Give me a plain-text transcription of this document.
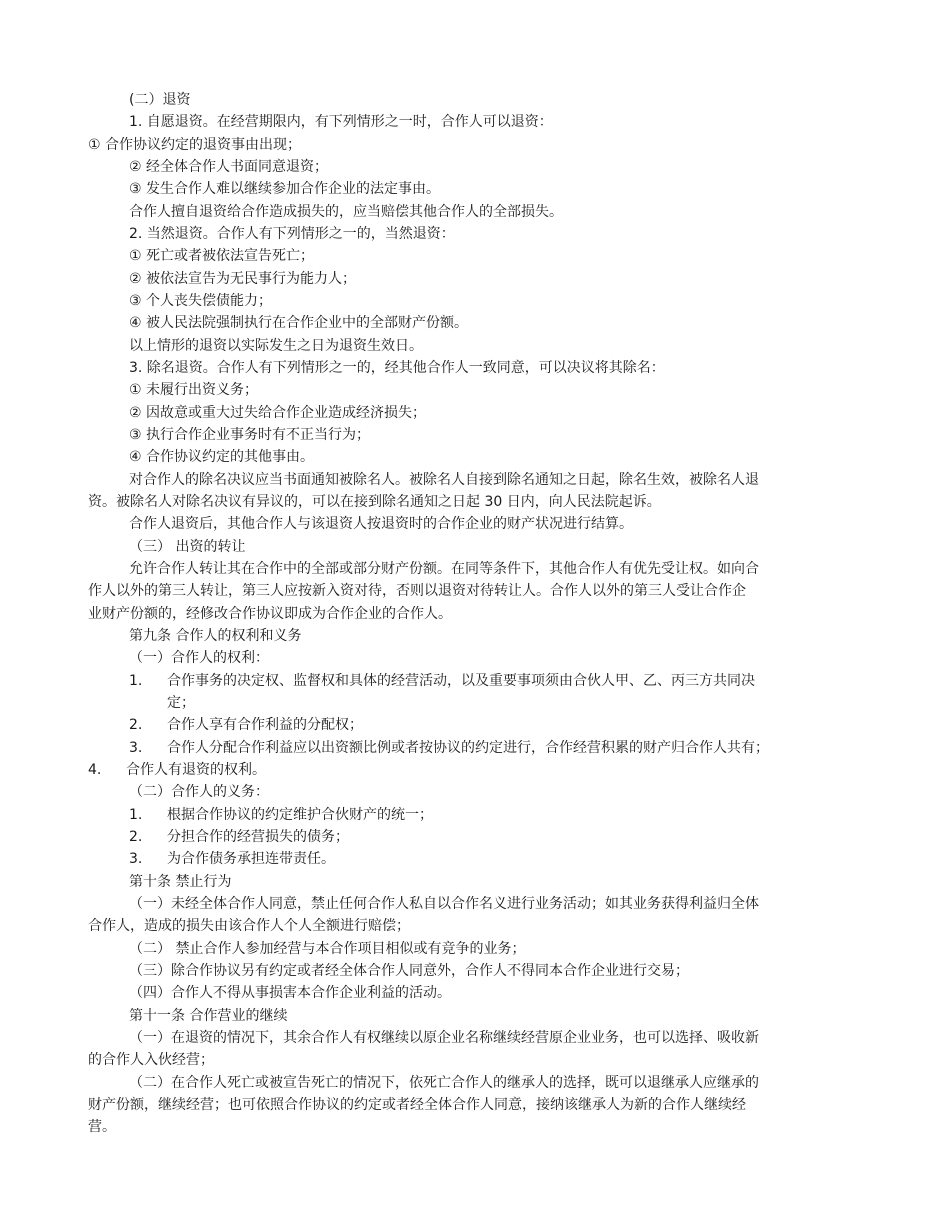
(二）退资
1. 自愿退资。在经营期限内，有下列情形之一时，合作人可以退资：
① 合作协议约定的退资事由出现；
② 经全体合作人书面同意退资；
③ 发生合作人难以继续参加合作企业的法定事由。
合作人擅自退资给合作造成损失的，应当赔偿其他合作人的全部损失。
2. 当然退资。合作人有下列情形之一的，当然退资：
① 死亡或者被依法宣告死亡；
② 被依法宣告为无民事行为能力人；
③ 个人丧失偿债能力；
④ 被人民法院强制执行在合作企业中的全部财产份额。
以上情形的退资以实际发生之日为退资生效日。
3. 除名退资。合作人有下列情形之一的，经其他合作人一致同意，可以决议将其除名：
① 未履行出资义务；
② 因故意或重大过失给合作企业造成经济损失；
③ 执行合作企业事务时有不正当行为；
④ 合作协议约定的其他事由。
对合作人的除名决议应当书面通知被除名人。被除名人自接到除名通知之日起，除名生效，被除名人退
资。被除名人对除名决议有异议的，可以在接到除名通知之日起 30 日内，向人民法院起诉。
合作人退资后，其他合作人与该退资人按退资时的合作企业的财产状况进行结算。
（三） 出资的转让
允许合作人转让其在合作中的全部或部分财产份额。在同等条件下，其他合作人有优先受让权。如向合
作人以外的第三人转让，第三人应按新入资对待，否则以退资对待转让人。合作人以外的第三人受让合作企
业财产份额的，经修改合作协议即成为合作企业的合作人。
第九条 合作人的权利和义务
（一）合作人的权利：
1. 合作事务的决定权、监督权和具体的经营活动，以及重要事项须由合伙人甲、乙、丙三方共同决
定；
2. 合作人享有合作利益的分配权；
3. 合作人分配合作利益应以出资额比例或者按协议的约定进行，合作经营积累的财产归合作人共有；
4. 合作人有退资的权利。
（二）合作人的义务：
1. 根据合作协议的约定维护合伙财产的统一；
2. 分担合作的经营损失的债务；
3. 为合作债务承担连带责任。
第十条 禁止行为
（一）未经全体合作人同意，禁止任何合作人私自以合作名义进行业务活动；如其业务获得利益归全体
合作人，造成的损失由该合作人个人全额进行赔偿；
（二） 禁止合作人参加经营与本合作项目相似或有竞争的业务；
（三）除合作协议另有约定或者经全体合作人同意外，合作人不得同本合作企业进行交易；
（四）合作人不得从事损害本合作企业利益的活动。
第十一条 合作营业的继续
（一）在退资的情况下，其余合作人有权继续以原企业名称继续经营原企业业务，也可以选择、吸收新
的合作人入伙经营；
（二）在合作人死亡或被宣告死亡的情况下，依死亡合作人的继承人的选择，既可以退继承人应继承的
财产份额，继续经营；也可依照合作协议的约定或者经全体合作人同意，接纳该继承人为新的合作人继续经
营。
